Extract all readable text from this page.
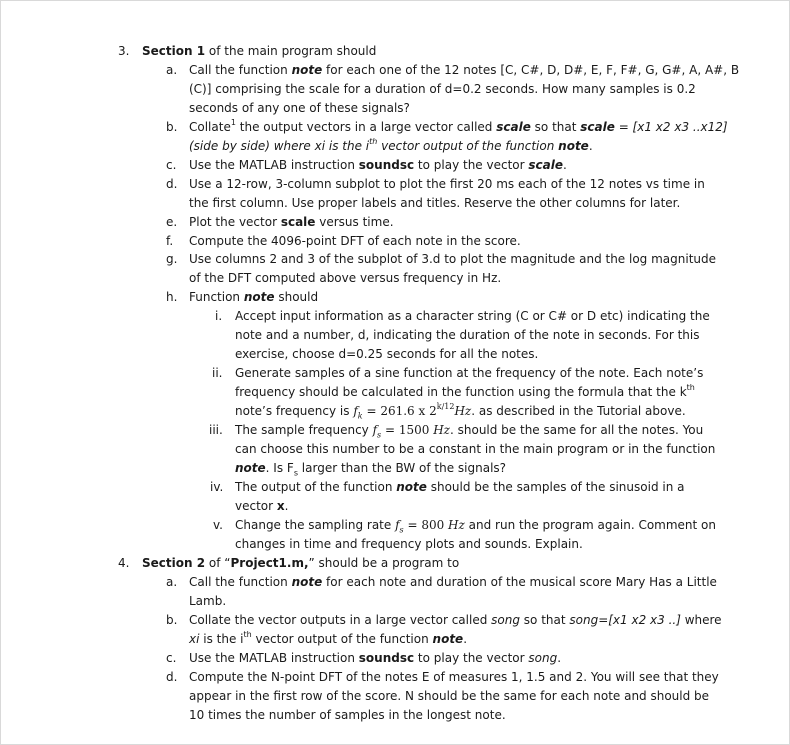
3. Section 1 of the main program should
a. Call the function note for each one of the 12 notes [C, C#, D, D#, E, F, F#, G, G#, A, A#, B
(C)] comprising the scale for a duration of d=0.2 seconds. How many samples is 0.2
seconds of any one of these signals?
b. Collate$^1$ the output vectors in a large vector called scale so that scale = [x1 x2 x3 ..x12]
(side by side) where xi is the $i^{th}$ vector output of the function note.
c. Use the MATLAB instruction soundsc to play the vector scale.
d. Use a 12-row, 3-column subplot to plot the first 20 ms each of the 12 notes vs time in
the first column. Use proper labels and titles. Reserve the other columns for later.
e. Plot the vector scale versus time.
f. Compute the 4096-point DFT of each note in the score.
g. Use columns 2 and 3 of the subplot of 3.d to plot the magnitude and the log magnitude
of the DFT computed above versus frequency in Hz.
h. Function note should
i. Accept input information as a character string (C or C# or D etc) indicating the
note and a number, d, indicating the duration of the note in seconds. For this
exercise, choose d=0.25 seconds for all the notes.
ii. Generate samples of a sine function at the frequency of the note. Each note’s
frequency should be calculated in the function using the formula that the $k^{th}$
note’s frequency is $f_k = 261.6$ x $2^{k/12}Hz$. as described in the Tutorial above.
iii. The sample frequency $f_s = 1500$ Hz. should be the same for all the notes. You
can choose this number to be a constant in the main program or in the function
note. Is $F_s$ larger than the BW of the signals?
iv. The output of the function note should be the samples of the sinusoid in a
vector x.
v. Change the sampling rate $f_s = 800$ Hz and run the program again. Comment on
changes in time and frequency plots and sounds. Explain.
4. Section 2 of “Project1.m,” should be a program to
a. Call the function note for each note and duration of the musical score Mary Has a Little
Lamb.
b. Collate the vector outputs in a large vector called song so that song=[x1 x2 x3 ..] where
xi is the $i^{th}$ vector output of the function note.
c. Use the MATLAB instruction soundsc to play the vector song.
d. Compute the N-point DFT of the notes E of measures 1, 1.5 and 2. You will see that they
appear in the first row of the score. N should be the same for each note and should be
10 times the number of samples in the longest note.
